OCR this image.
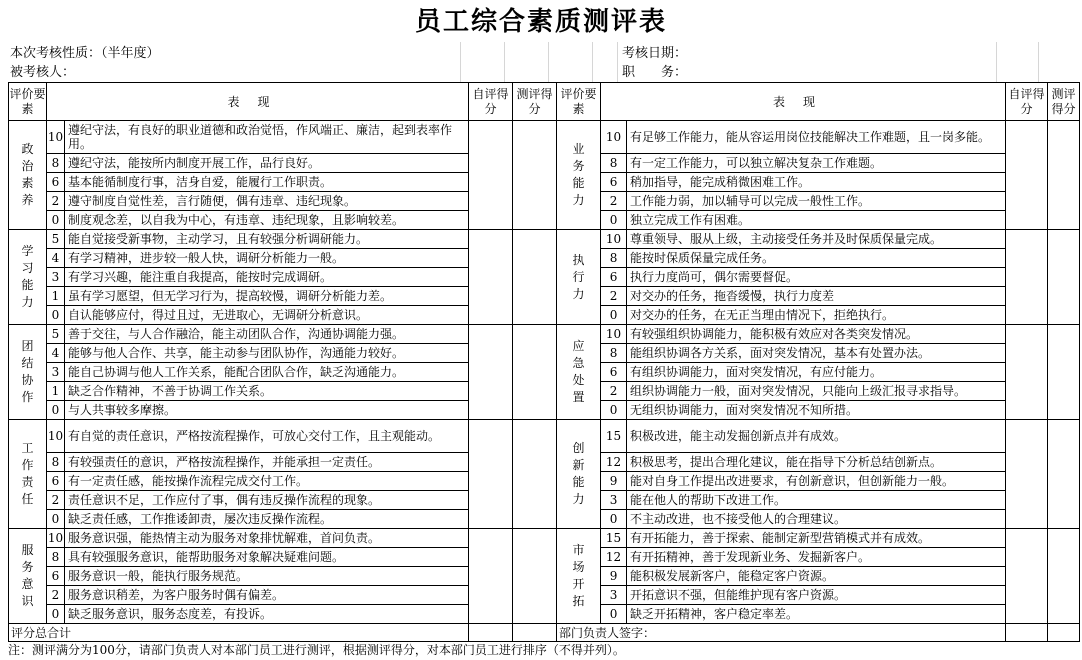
员工综合素质测评表
本次考核性质：（半年度）
被考核人：
考核日期：
职　　务：
评价要素	表现		自评得分	测评得分	评价要素	表现		自评得分	测评得分

政治素养	10	遵纪守法，有良好的职业道德和政治觉悟，作风端正、廉洁，起到表率作用。			业务能力	10	有足够工作能力，能从容运用岗位技能解决工作难题，且一岗多能。		
	8	遵纪守法，能按所内制度开展工作，品行良好。				8	有一定工作能力，可以独立解决复杂工作难题。		
	6	基本能循制度行事，洁身自爱，能履行工作职责。				6	稍加指导，能完成稍微困难工作。		
	2	遵守制度自觉性差，言行随便，偶有违章、违纪现象。				2	工作能力弱，加以辅导可以完成一般性工作。		
	0	制度观念差，以自我为中心，有违章、违纪现象，且影响较差。				0	独立完成工作有困难。		

学习能力	5	能自觉接受新事物，主动学习，且有较强分析调研能力。			执行力	10	尊重领导、服从上级，主动接受任务并及时保质保量完成。		
	4	有学习精神，进步较一般人快，调研分析能力一般。				8	能按时保质保量完成任务。		
	3	有学习兴趣，能注重自我提高，能按时完成调研。				6	执行力度尚可，偶尔需要督促。		
	1	虽有学习愿望，但无学习行为，提高较慢，调研分析能力差。				2	对交办的任务，拖沓缓慢，执行力度差		
	0	自认能够应付，得过且过，无进取心，无调研分析意识。				0	对交办的任务，在无正当理由情况下，拒绝执行。		

团结协作	5	善于交往，与人合作融洽，能主动团队合作，沟通协调能力强。			应急处置	10	有较强组织协调能力，能积极有效应对各类突发情况。		
	4	能够与他人合作、共享，能主动参与团队协作，沟通能力较好。				8	能组织协调各方关系，面对突发情况，基本有处置办法。		
	3	能自己协调与他人工作关系，能配合团队合作，缺乏沟通能力。				6	有组织协调能力，面对突发情况，有应付能力。		
	1	缺乏合作精神，不善于协调工作关系。				2	组织协调能力一般，面对突发情况，只能向上级汇报寻求指导。		
	0	与人共事较多摩擦。				0	无组织协调能力，面对突发情况不知所措。		

工作责任	10	有自觉的责任意识，严格按流程操作，可放心交付工作，且主观能动。			创新能力	15	积极改进，能主动发掘创新点并有成效。		
	8	有较强责任的意识，严格按流程操作，并能承担一定责任。				12	积极思考，提出合理化建议，能在指导下分析总结创新点。		
	6	有一定责任感，能按操作流程完成交付工作。				9	能对自身工作提出改进要求，有创新意识，但创新能力一般。		
	2	责任意识不足，工作应付了事，偶有违反操作流程的现象。				3	能在他人的帮助下改进工作。		
	0	缺乏责任感，工作推诿卸责，屡次违反操作流程。				0	不主动改进，也不接受他人的合理建议。		

服务意识	10	服务意识强，能热情主动为服务对象排忧解难，首问负责。			市场开拓	15	有开拓能力，善于探索、能制定新型营销模式并有成效。		
	8	具有较强服务意识，能帮助服务对象解决疑难问题。				12	有开拓精神，善于发现新业务、发掘新客户。		
	6	服务意识一般，能执行服务规范。				9	能积极发展新客户，能稳定客户资源。		
	2	服务意识稍差，为客户服务时偶有偏差。				3	开拓意识不强，但能维护现有客户资源。		
	0	缺乏服务意识，服务态度差，有投诉。				0	缺乏开拓精神，客户稳定率差。		
评分总合计					部门负责人签字：				
注：测评满分为100分，请部门负责人对本部门员工进行测评，根据测评得分，对本部门员工进行排序（不得并列）。
